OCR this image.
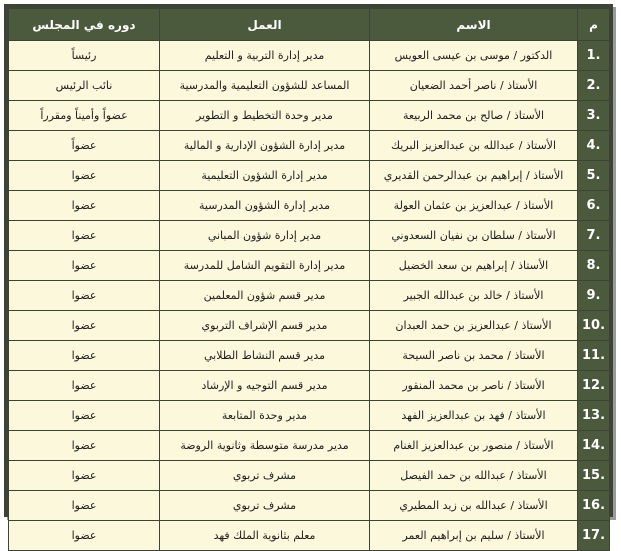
م	الاسم	العمل	دوره في المجلس
.1	الدكتور / موسى بن عيسى العويس	مدير إدارة التربية و التعليم	رئيساً
.2	الأستاذ / ناصر أحمد الضعيان	المساعد للشؤون التعليمية والمدرسية	نائب الرئيس
.3	الأستاذ / صالح بن محمد الربيعة	مدير وحدة التخطيط و التطوير	عضواً وأميناً ومقرراً
.4	الأستاذ / عبدالله بن عبدالعزيز البريك	مدير إدارة الشؤون الإدارية و المالية	عضواً
.5	الأستاذ / إبراهيم بن عبدالرحمن القديري	مدير إدارة الشؤون التعليمية	عضوا
.6	الأستاذ / عبدالعزيز بن عثمان العولة	مدير إدارة الشؤون المدرسية	عضوا
.7	الأستاذ / سلطان بن نفيان السعدوني	مدير إدارة شؤون المباني	عضوا
.8	الأستاذ / إبراهيم بن سعد الخضيل	مدير إدارة التقويم الشامل للمدرسة	عضوا
.9	الأستاذ / خالد بن عبدالله الجبير	مدير قسم شؤون المعلمين	عضوا
.10	الأستاذ / عبدالعزيز بن حمد العبدان	مدير قسم الإشراف التربوي	عضوا
.11	الأستاذ / محمد بن ناصر السيحة	مدير قسم النشاط الطلابي	عضوا
.12	الأستاذ / ناصر بن محمد المنقور	مدير قسم التوجيه و الإرشاد	عضوا
.13	الأستاذ / فهد بن عبدالعزيز الفهد	مدير وحدة المتابعة	عضوا
.14	الأستاذ / منصور بن عبدالعزيز الغنام	مدير مدرسة متوسطة وثانوية الروضة	عضوا
.15	الأستاذ / عبدالله بن حمد الفيصل	مشرف تربوي	عضوا
.16	الأستاذ / عبدالله بن زيد المطيري	مشرف تربوي	عضوا
.17	الأستاذ / سليم بن إبراهيم العمر	معلم بثانوية الملك فهد	عضوا
